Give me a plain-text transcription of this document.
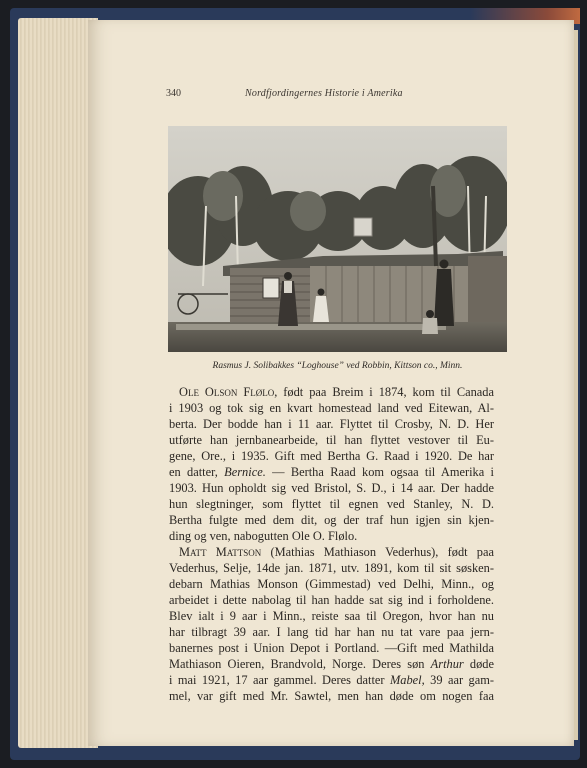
340	Nordfjordingernes Historie i Amerika
Rasmus J. Solibakkes “Loghouse” ved Robbin, Kittson co., Minn.
Ole Olson Flølo, født paa Breim i 1874, kom til Canada
i 1903 og tok sig en kvart homestead land ved Eitewan, Al-
berta. Der bodde han i 11 aar. Flyttet til Crosby, N. D. Her
utførte han jernbanearbeide, til han flyttet vestover til Eu-
gene, Ore., i 1935. Gift med Bertha G. Raad i 1920. De har
en datter, Bernice. — Bertha Raad kom ogsaa til Amerika i
1903. Hun opholdt sig ved Bristol, S. D., i 14 aar. Der hadde
hun slegtninger, som flyttet til egnen ved Stanley, N. D.
Bertha fulgte med dem dit, og der traf hun igjen sin kjen-
ding og ven, nabogutten Ole O. Flølo.
Matt Mattson (Mathias Mathiason Vederhus), født paa
Vederhus, Selje, 14de jan. 1871, utv. 1891, kom til sit søsken-
debarn Mathias Monson (Gimmestad) ved Delhi, Minn., og
arbeidet i dette nabolag til han hadde sat sig ind i forholdene.
Blev ialt i 9 aar i Minn., reiste saa til Oregon, hvor han nu
har tilbragt 39 aar. I lang tid har han nu tat vare paa jern-
banernes post i Union Depot i Portland. —Gift med Mathilda
Mathiason Oieren, Brandvold, Norge. Deres søn Arthur døde
i mai 1921, 17 aar gammel. Deres datter Mabel, 39 aar gam-
mel, var gift med Mr. Sawtel, men han døde om nogen faa
